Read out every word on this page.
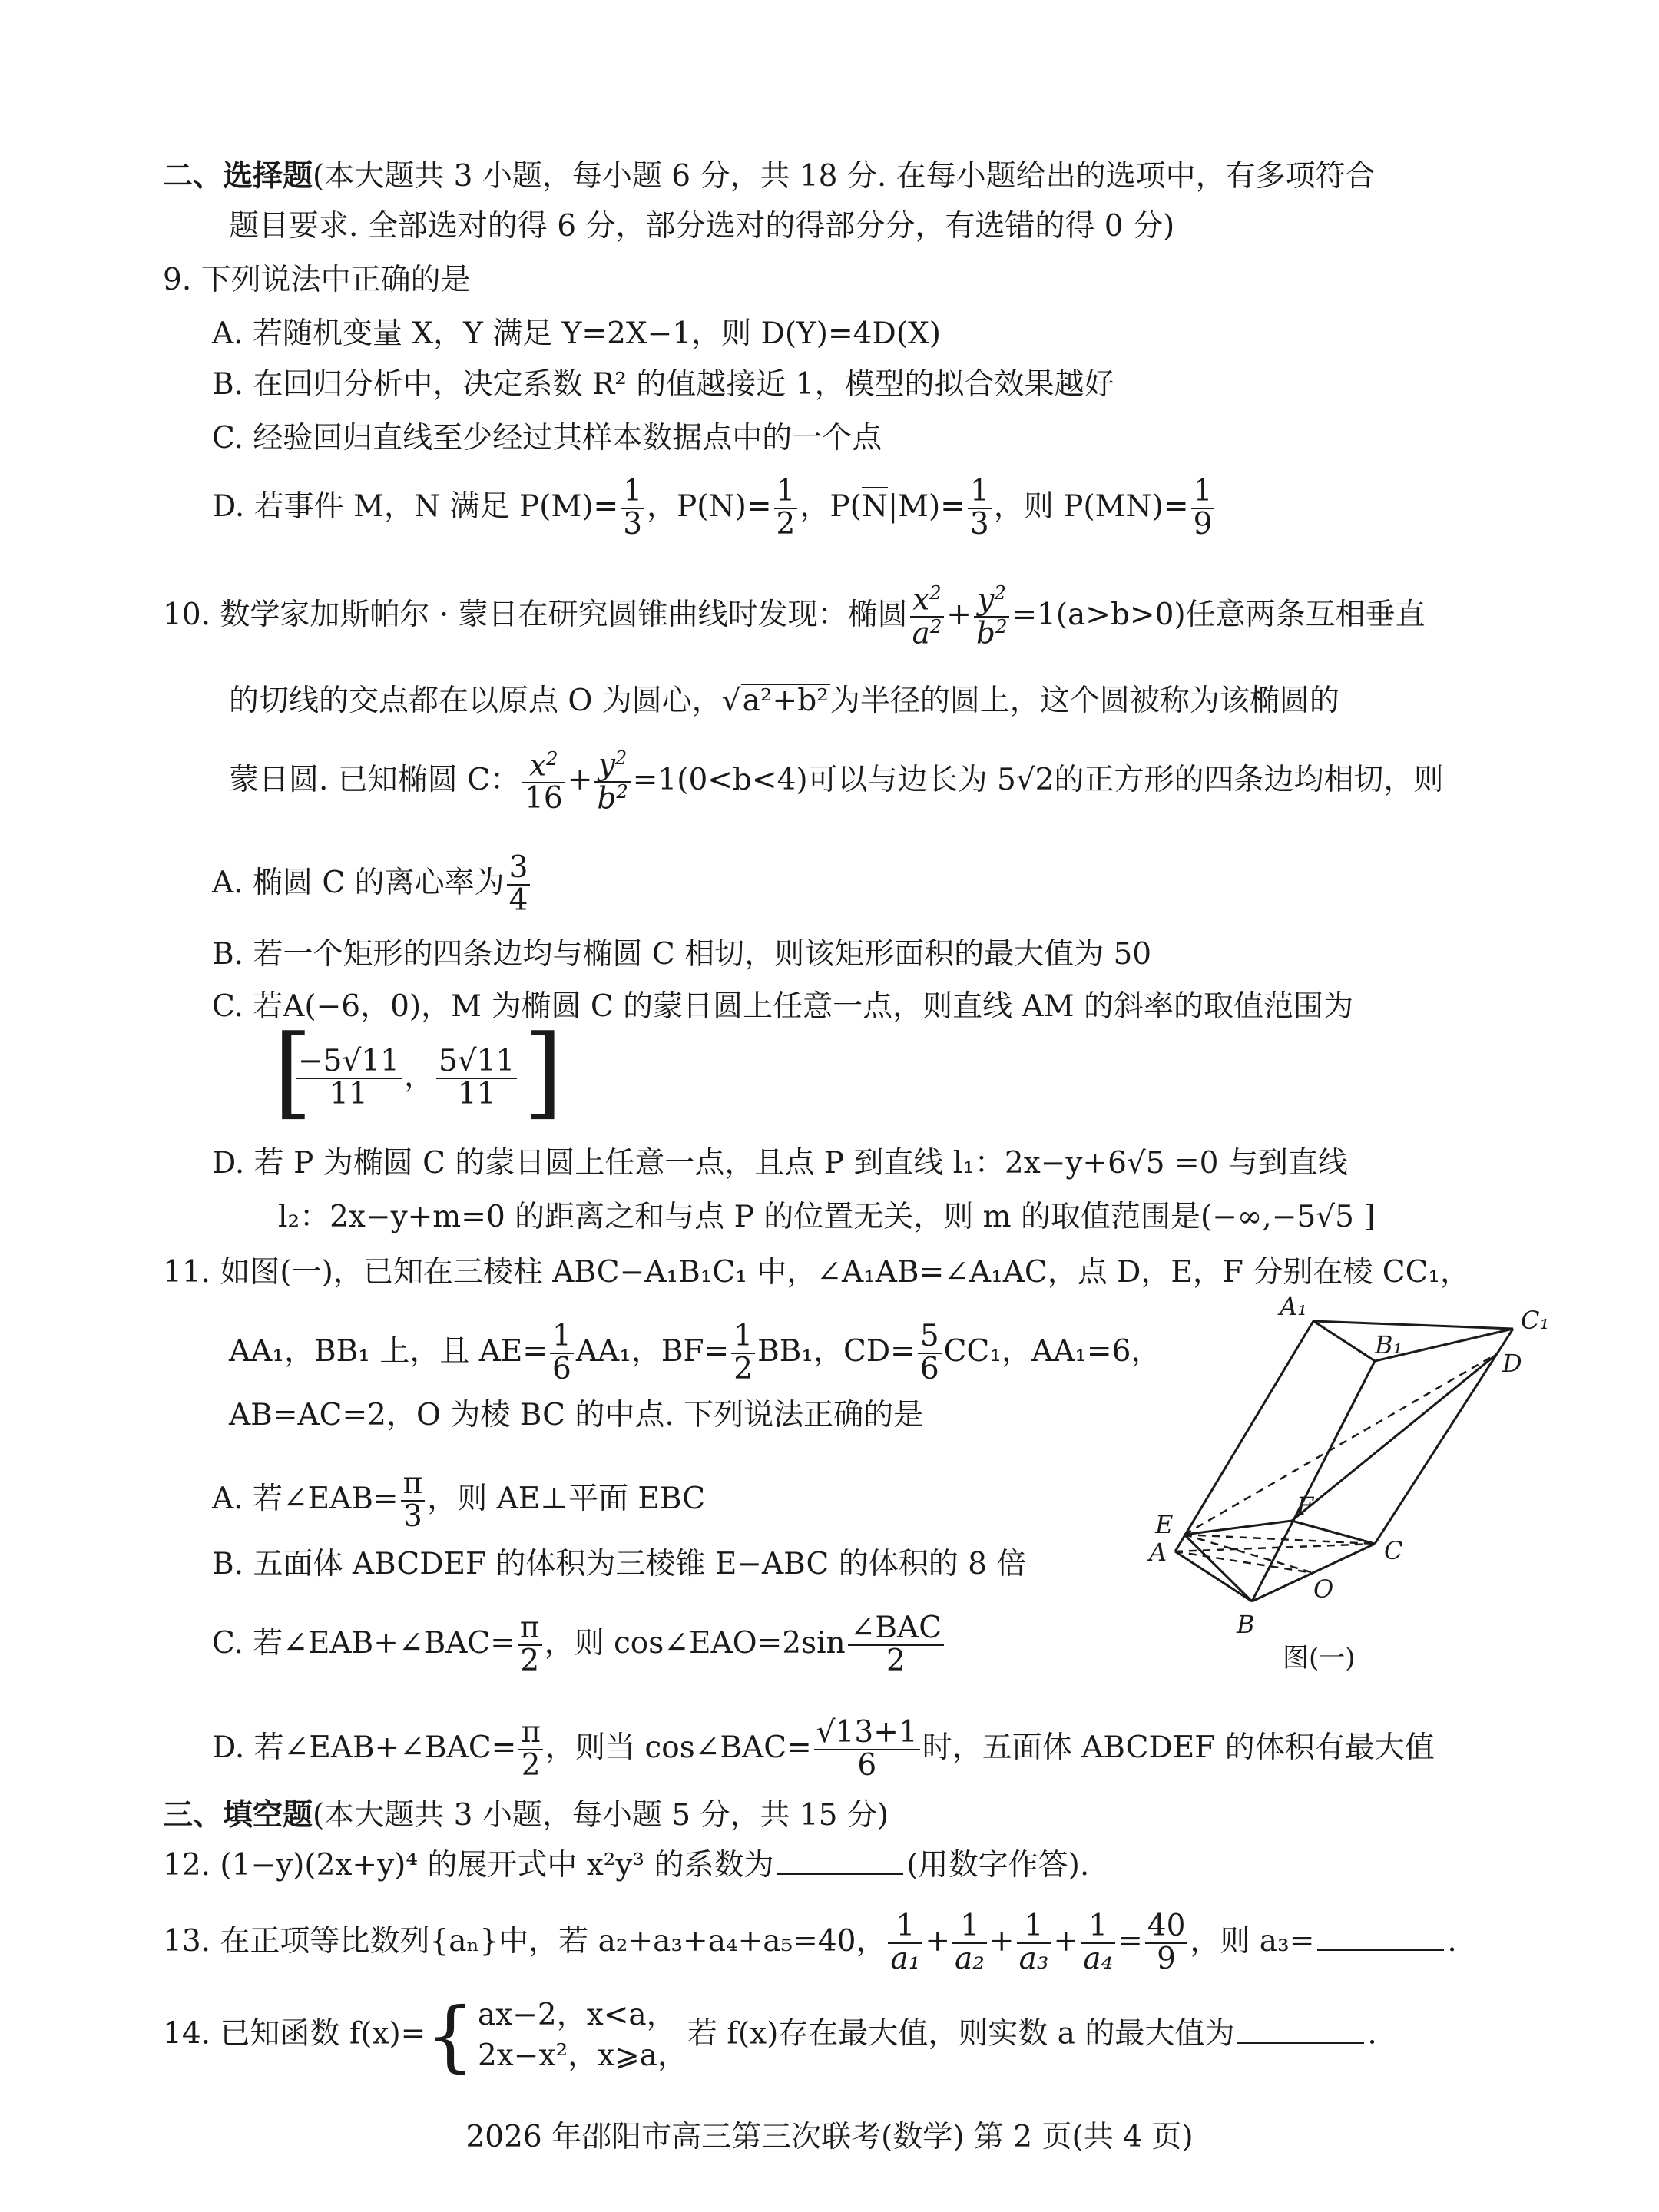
二、选择题(本大题共 3 小题，每小题 6 分，共 18 分. 在每小题给出的选项中，有多项符合
题目要求. 全部选对的得 6 分，部分选对的得部分分，有选错的得 0 分)
9. 下列说法中正确的是
A. 若随机变量 X，Y 满足 Y=2X−1，则 D(Y)=4D(X)
B. 在回归分析中，决定系数 R² 的值越接近 1，模型的拟合效果越好
C. 经验回归直线至少经过其样本数据点中的一个点
D. 若事件 M，N 满足 $P(M)= \frac{1}{3}$ ，$P(N)= \frac{1}{2}$ ，$P(N|M)= \frac{1}{3}$ ，则 $P(MN)= \frac{1}{9}$
10. 数学家加斯帕尔 · 蒙日在研究圆锥曲线时发现：椭圆 $\frac{x^2}{a^2} + \frac{y^2}{b^2} =1(a>b>0)$任意两条互相垂直
的切线的交点都在以原点 O 为圆心，√a²+b²为半径的圆上，这个圆被称为该椭圆的
蒙日圆. 已知椭圆 C： $\frac{x^2}{16} + \frac{y^2}{b^2} =1(0<b<4)$可以与边长为 5√2的正方形的四条边均相切，则
A. 椭圆 C 的离心率为 $\frac{3}{4}$
B. 若一个矩形的四条边均与椭圆 C 相切，则该矩形面积的最大值为 50
C. 若A(−6，0)，M 为椭圆 C 的蒙日圆上任意一点，则直线 AM 的斜率的取值范围为
[
$\frac{-5√11}{11}$ ， $\frac{5√11}{11}$ ]
D. 若 P 为椭圆 C 的蒙日圆上任意一点，且点 P 到直线 l₁：2x−y+6√5 =0 与到直线
l₂：2x−y+m=0 的距离之和与点 P 的位置无关，则 m 的取值范围是(−∞,−5√5 ]
11. 如图(一)，已知在三棱柱 ABC−A₁B₁C₁ 中，∠A₁AB=∠A₁AC，点 D，E，F 分别在棱 CC₁，
AA₁，BB₁ 上，且 $AE= \frac{1}{6} AA_1$，$BF= \frac{1}{2} BB_1$，$CD= \frac{5}{6} CC_1$，AA₁=6，
AB=AC=2，O 为棱 BC 的中点. 下列说法正确的是
A. 若∠EAB= $\frac{\pi}{3}$ ，则 AE⊥平面 EBC
B. 五面体 ABCDEF 的体积为三棱锥 E−ABC 的体积的 8 倍
C. 若∠EAB+∠BAC= $\frac{\pi}{2}$ ，则 cos∠EAO=2sin $\frac{\text{∠BAC}}{2}$
D. 若∠EAB+∠BAC= $\frac{\pi}{2}$ ，则当 cos∠BAC= $\frac{√13+1}{6}$ 时，五面体 ABCDEF 的体积有最大值
A₁
B₁
C₁
D
E
F
A
B
C
O
图(一)
三、填空题(本大题共 3 小题，每小题 5 分，共 15 分)
12. (1−y)(2x+y)⁴ 的展开式中 x²y³ 的系数为	(用数字作答).
13. 在正项等比数列{aₙ}中，若 a₂+a₃+a₄+a₅=40， $\frac{1}{\text{a₁}} + \frac{1}{\text{a₂}} + \frac{1}{\text{a₃}} + \frac{1}{\text{a₄}} = \frac{40}{9}$ ，则 a₃=	.
14. 已知函数 f(x)={ ax−2，x<a，
2x−x²，x⩾a，
若 f(x)存在最大值，则实数 a 的最大值为	.
2026 年邵阳市高三第三次联考(数学) 第 2 页(共 4 页)
